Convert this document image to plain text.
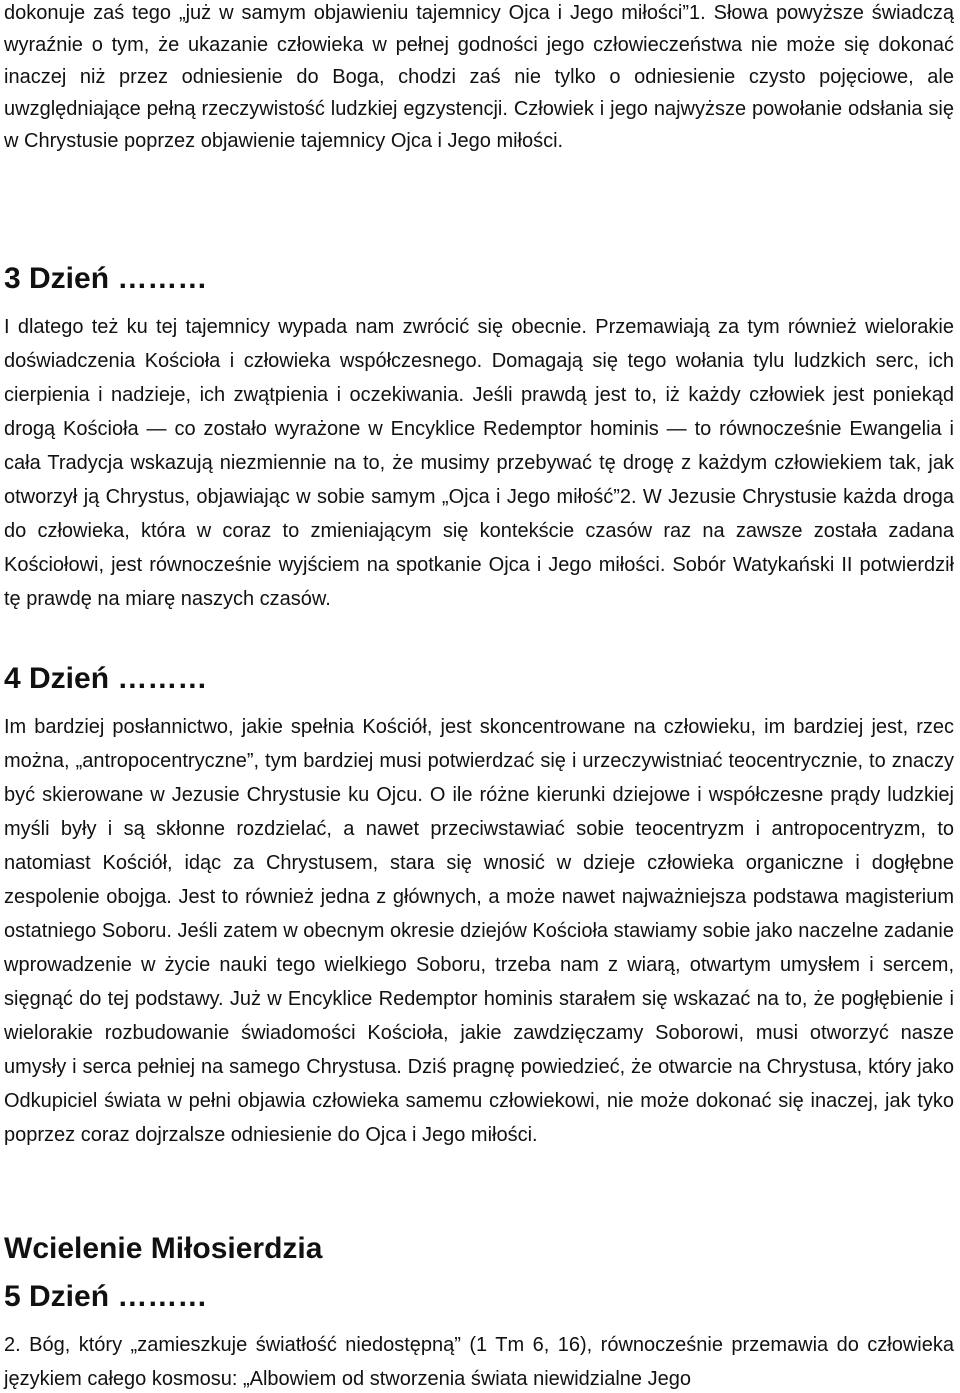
dokonuje zaś tego „już w samym objawieniu tajemnicy Ojca i Jego miłości”1. Słowa powyższe świadczą wyraźnie o tym, że ukazanie człowieka w pełnej godności jego człowieczeństwa nie może się dokonać inaczej niż przez odniesienie do Boga, chodzi zaś nie tylko o odniesienie czysto pojęciowe, ale uwzględniające pełną rzeczywistość ludzkiej egzystencji. Człowiek i jego najwyższe powołanie odsłania się w Chrystusie poprzez objawienie tajemnicy Ojca i Jego miłości.

3 Dzień ………

I dlatego też ku tej tajemnicy wypada nam zwrócić się obecnie. Przemawiają za tym również wielorakie doświadczenia Kościoła i człowieka współczesnego. Domagają się tego wołania tylu ludzkich serc, ich cierpienia i nadzieje, ich zwątpienia i oczekiwania. Jeśli prawdą jest to, iż każdy człowiek jest poniekąd drogą Kościoła — co zostało wyrażone w Encyklice Redemptor hominis — to równocześnie Ewangelia i cała Tradycja wskazują niezmiennie na to, że musimy przebywać tę drogę z każdym człowiekiem tak, jak otworzył ją Chrystus, objawiając w sobie samym „Ojca i Jego miłość”2. W Jezusie Chrystusie każda droga do człowieka, która w coraz to zmieniającym się kontekście czasów raz na zawsze została zadana Kościołowi, jest równocześnie wyjściem na spotkanie Ojca i Jego miłości. Sobór Watykański II potwierdził tę prawdę na miarę naszych czasów.

4 Dzień ………

Im bardziej posłannictwo, jakie spełnia Kościół, jest skoncentrowane na człowieku, im bardziej jest, rzec można, „antropocentryczne”, tym bardziej musi potwierdzać się i urzeczywistniać teocentrycznie, to znaczy być skierowane w Jezusie Chrystusie ku Ojcu. O ile różne kierunki dziejowe i współczesne prądy ludzkiej myśli były i są skłonne rozdzielać, a nawet przeciwstawiać sobie teocentryzm i antropocentryzm, to natomiast Kościół, idąc za Chrystusem, stara się wnosić w dzieje człowieka organiczne i dogłębne zespolenie obojga. Jest to również jedna z głównych, a może nawet najważniejsza podstawa magisterium ostatniego Soboru. Jeśli zatem w obecnym okresie dziejów Kościoła stawiamy sobie jako naczelne zadanie wprowadzenie w życie nauki tego wielkiego Soboru, trzeba nam z wiarą, otwartym umysłem i sercem, sięgnąć do tej podstawy. Już w Encyklice Redemptor hominis starałem się wskazać na to, że pogłębienie i wielorakie rozbudowanie świadomości Kościoła, jakie zawdzięczamy Soborowi, musi otworzyć nasze umysły i serca pełniej na samego Chrystusa. Dziś pragnę powiedzieć, że otwarcie na Chrystusa, który jako Odkupiciel świata w pełni objawia człowieka samemu człowiekowi, nie może dokonać się inaczej, jak tyko poprzez coraz dojrzalsze odniesienie do Ojca i Jego miłości.

Wcielenie Miłosierdzia
5 Dzień ………

2. Bóg, który „zamieszkuje światłość niedostępną” (1 Tm 6, 16), równocześnie przemawia do człowieka językiem całego kosmosu: „Albowiem od stworzenia świata niewidzialne Jego
